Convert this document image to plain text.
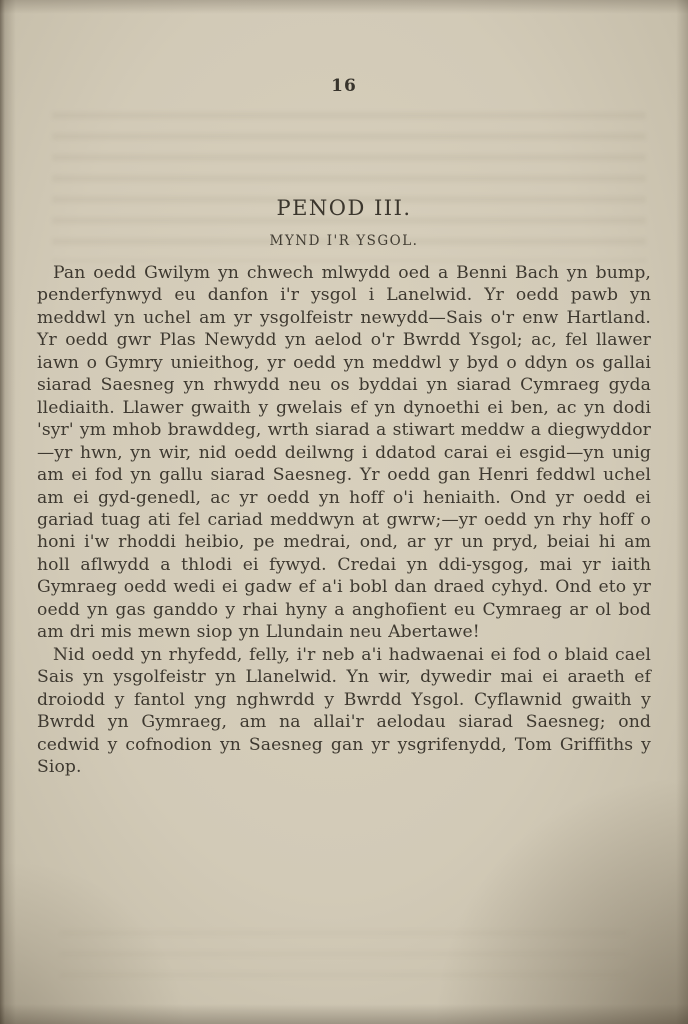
16
PENOD III.
MYND I'R YSGOL.

Pan oedd Gwilym yn chwech mlwydd oed a Benni Bach yn bump, penderfynwyd eu danfon i'r ysgol i Lanelwid. Yr oedd pawb yn meddwl yn uchel am yr ysgolfeistr newydd—Sais o'r enw Hartland. Yr oedd gwr Plas Newydd yn aelod o'r Bwrdd Ysgol; ac, fel llawer iawn o Gymry unieithog, yr oedd yn meddwl y byd o ddyn os gallai siarad Saesneg yn rhwydd neu os byddai yn siarad Cymraeg gyda llediaith. Llawer gwaith y gwelais ef yn dynoethi ei ben, ac yn dodi 'syr' ym mhob brawddeg, wrth siarad a stiwart meddw a diegwyddor—yr hwn, yn wir, nid oedd deilwng i ddatod carai ei esgid—yn unig am ei fod yn gallu siarad Saesneg. Yr oedd gan Henri feddwl uchel am ei gyd-genedl, ac yr oedd yn hoff o'i heniaith. Ond yr oedd ei gariad tuag ati fel cariad meddwyn at gwrw;—yr oedd yn rhy hoff o honi i'w rhoddi heibio, pe medrai, ond, ar yr un pryd, beiai hi am holl aflwydd a thlodi ei fywyd. Credai yn ddi-ysgog, mai yr iaith Gymraeg oedd wedi ei gadw ef a'i bobl dan draed cyhyd. Ond eto yr oedd yn gas ganddo y rhai hyny a anghofient eu Cymraeg ar ol bod am dri mis mewn siop yn Llundain neu Abertawe!

Nid oedd yn rhyfedd, felly, i'r neb a'i hadwaenai ei fod o blaid cael Sais yn ysgolfeistr yn Llanelwid. Yn wir, dywedir mai ei araeth ef droiodd y fantol yng nghwrdd y Bwrdd Ysgol. Cyflawnid gwaith y Bwrdd yn Gymraeg, am na allai'r aelodau siarad Saesneg; ond cedwid y cofnodion yn Saesneg gan yr ysgrifenydd, Tom Griffiths y Siop.
